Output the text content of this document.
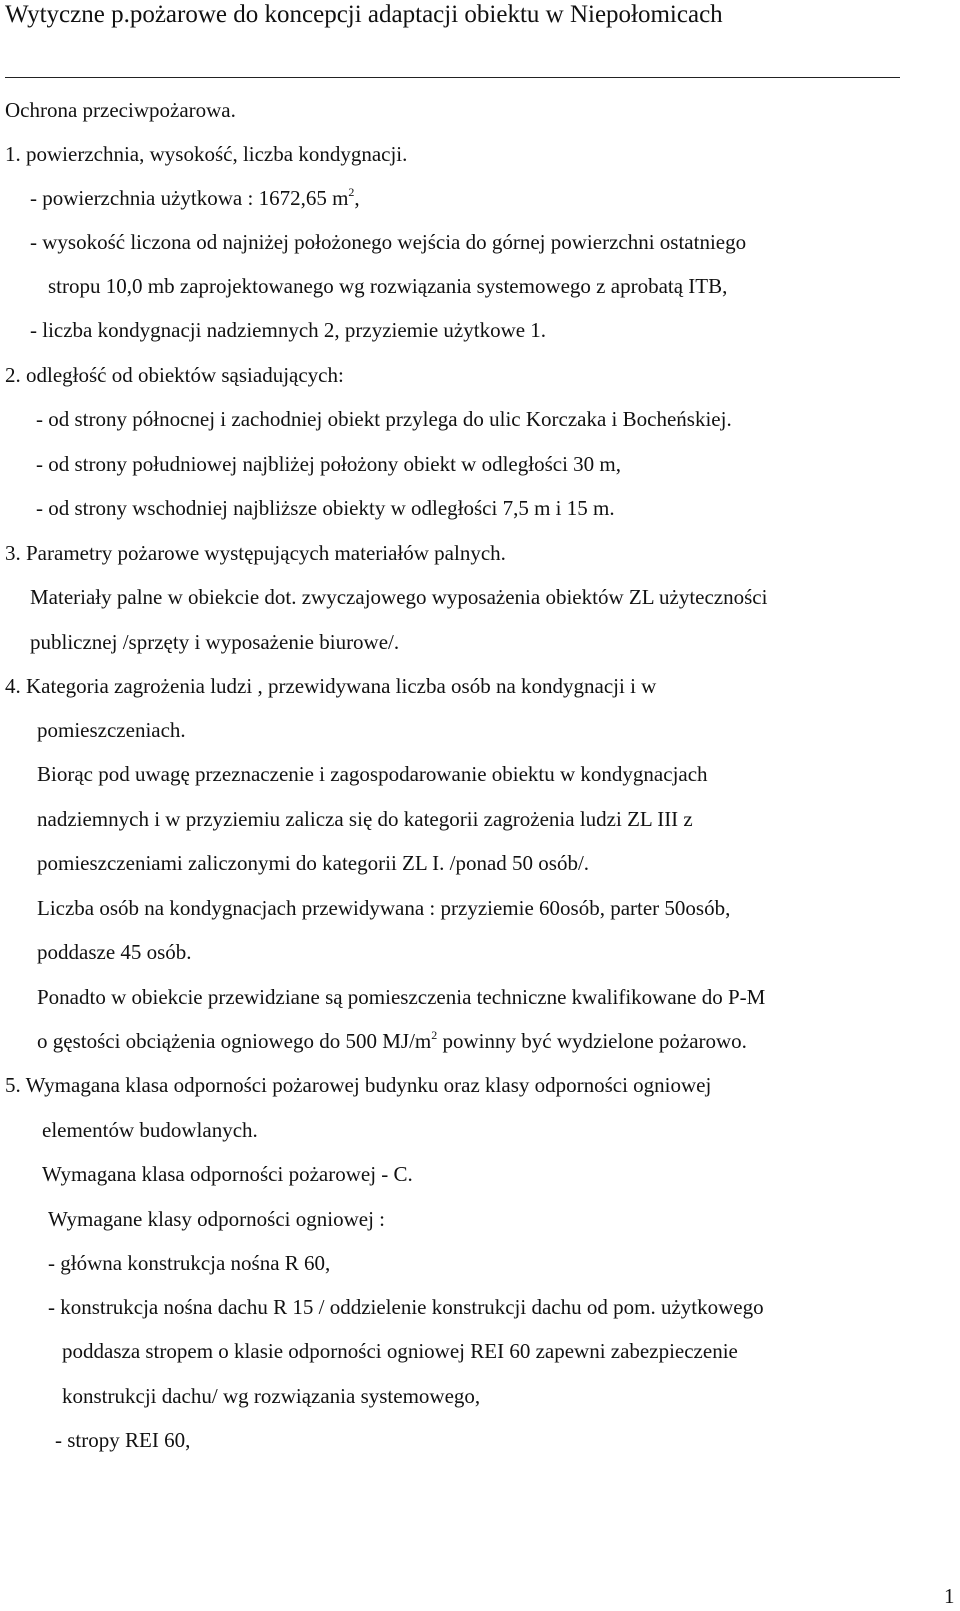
Wytyczne p.pożarowe do koncepcji adaptacji obiektu w Niepołomicach
Ochrona przeciwpożarowa.
1. powierzchnia, wysokość, liczba kondygnacji.
- powierzchnia użytkowa : 1672,65 $m^2$,
- wysokość liczona od najniżej położonego wejścia do górnej powierzchni ostatniego
stropu 10,0 mb zaprojektowanego wg rozwiązania systemowego z aprobatą ITB,
- liczba kondygnacji nadziemnych 2, przyziemie użytkowe 1.
2. odległość od obiektów sąsiadujących:
- od strony północnej i zachodniej obiekt przylega do ulic Korczaka i Bocheńskiej.
- od strony południowej najbliżej położony obiekt w odległości 30 m,
- od strony wschodniej najbliższe obiekty w odległości 7,5 m i 15 m.
3. Parametry pożarowe występujących materiałów palnych.
Materiały palne w obiekcie dot. zwyczajowego wyposażenia obiektów ZL użyteczności
publicznej /sprzęty i wyposażenie biurowe/.
4. Kategoria zagrożenia ludzi , przewidywana liczba osób na kondygnacji i w
pomieszczeniach.
Biorąc pod uwagę przeznaczenie i zagospodarowanie obiektu w kondygnacjach
nadziemnych i w przyziemiu zalicza się do kategorii zagrożenia ludzi ZL III z
pomieszczeniami zaliczonymi do kategorii ZL I. /ponad 50 osób/.
Liczba osób na kondygnacjach przewidywana : przyziemie 60osób, parter 50osób,
poddasze 45 osób.
Ponadto w obiekcie przewidziane są pomieszczenia techniczne kwalifikowane do P-M
o gęstości obciążenia ogniowego do 500 $MJ/m^2$ powinny być wydzielone pożarowo.
5. Wymagana klasa odporności pożarowej budynku oraz klasy odporności ogniowej
elementów budowlanych.
Wymagana klasa odporności pożarowej - C.
Wymagane klasy odporności ogniowej :
- główna konstrukcja nośna R 60,
- konstrukcja nośna dachu R 15 / oddzielenie konstrukcji dachu od pom. użytkowego
poddasza stropem o klasie odporności ogniowej REI 60 zapewni zabezpieczenie
konstrukcji dachu/ wg rozwiązania systemowego,
- stropy REI 60,
1
